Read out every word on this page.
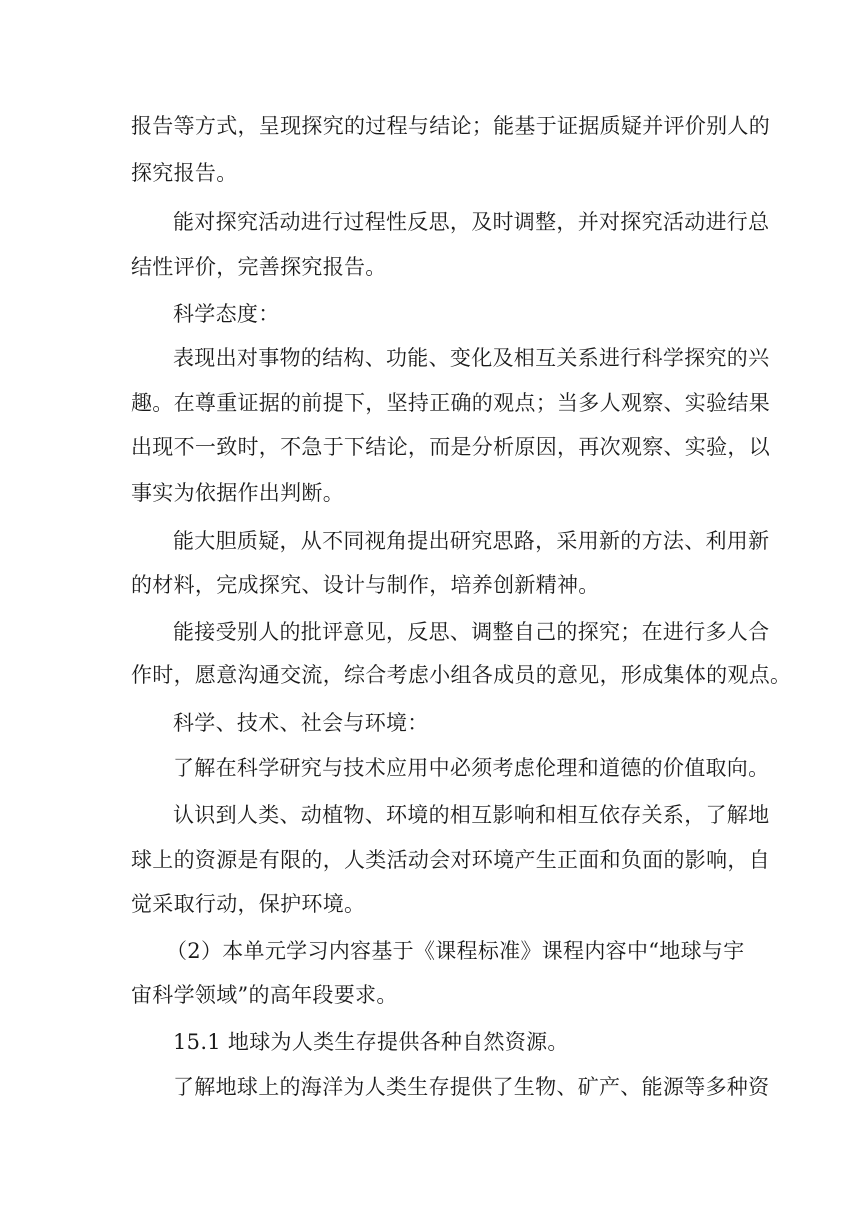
报告等方式，呈现探究的过程与结论；能基于证据质疑并评价别人的
探究报告。
能对探究活动进行过程性反思，及时调整，并对探究活动进行总
结性评价，完善探究报告。
科学态度：
表现出对事物的结构、功能、变化及相互关系进行科学探究的兴
趣。在尊重证据的前提下，坚持正确的观点；当多人观察、实验结果
出现不一致时，不急于下结论，而是分析原因，再次观察、实验，以
事实为依据作出判断。
能大胆质疑，从不同视角提出研究思路，采用新的方法、利用新
的材料，完成探究、设计与制作，培养创新精神。
能接受别人的批评意见，反思、调整自己的探究；在进行多人合
作时，愿意沟通交流，综合考虑小组各成员的意见，形成集体的观点。
科学、技术、社会与环境：
了解在科学研究与技术应用中必须考虑伦理和道德的价值取向。
认识到人类、动植物、环境的相互影响和相互依存关系，了解地
球上的资源是有限的，人类活动会对环境产生正面和负面的影响，自
觉采取行动，保护环境。
（2）本单元学习内容基于《课程标准》课程内容中“地球与宇
宙科学领域”的高年段要求。
15.1 地球为人类生存提供各种自然资源。
了解地球上的海洋为人类生存提供了生物、矿产、能源等多种资
